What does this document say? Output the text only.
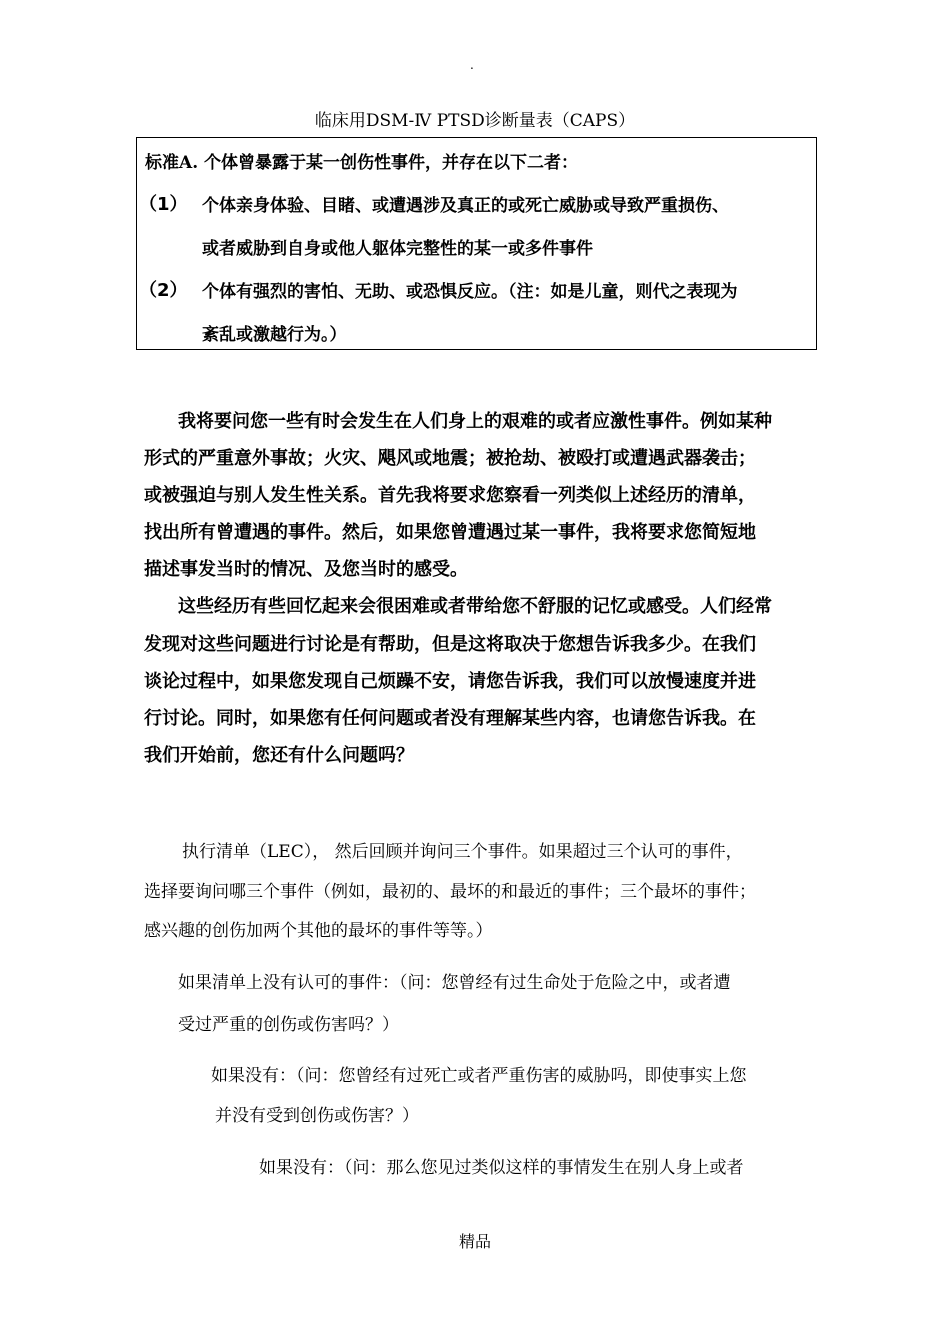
.
临床用DSM-Ⅳ PTSD诊断量表（CAPS）
标准A. 个体曾暴露于某一创伤性事件，并存在以下二者：
（1） 个体亲身体验、目睹、或遭遇涉及真正的或死亡威胁或导致严重损伤、
或者威胁到自身或他人躯体完整性的某一或多件事件
（2） 个体有强烈的害怕、无助、或恐惧反应。（注：如是儿童，则代之表现为
紊乱或激越行为。）
我将要问您一些有时会发生在人们身上的艰难的或者应激性事件。例如某种
形式的严重意外事故；火灾、飓风或地震；被抢劫、被殴打或遭遇武器袭击；
或被强迫与别人发生性关系。首先我将要求您察看一列类似上述经历的清单，
找出所有曾遭遇的事件。然后，如果您曾遭遇过某一事件，我将要求您简短地
描述事发当时的情况、及您当时的感受。
这些经历有些回忆起来会很困难或者带给您不舒服的记忆或感受。人们经常
发现对这些问题进行讨论是有帮助，但是这将取决于您想告诉我多少。在我们
谈论过程中，如果您发现自己烦躁不安，请您告诉我，我们可以放慢速度并进
行讨论。同时，如果您有任何问题或者没有理解某些内容，也请您告诉我。在
我们开始前，您还有什么问题吗？
执行清单（LEC）， 然后回顾并询问三个事件。如果超过三个认可的事件，
选择要询问哪三个事件（例如，最初的、最坏的和最近的事件；三个最坏的事件；
感兴趣的创伤加两个其他的最坏的事件等等。）
如果清单上没有认可的事件：（问：您曾经有过生命处于危险之中，或者遭
受过严重的创伤或伤害吗？）
如果没有：（问：您曾经有过死亡或者严重伤害的威胁吗，即使事实上您
并没有受到创伤或伤害？）
如果没有：（问：那么您见过类似这样的事情发生在别人身上或者
精品
